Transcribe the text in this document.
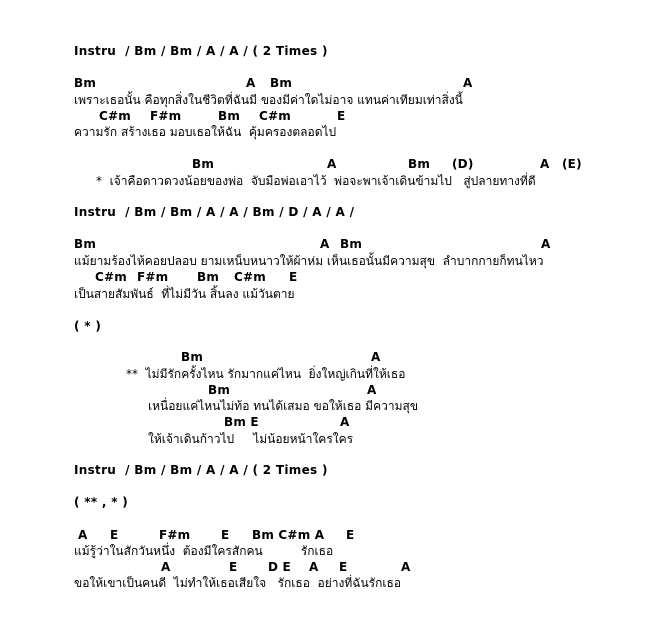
Instru  / Bm / Bm / A / A / ( 2 Times )
Bm	A Bm	A
เพราะเธอนั้น คือทุกสิ่งในชีวิตที่ฉันมี ของมีค่าใดไม่อาจ แทนค่าเทียมเท่าสิ่งนี้
C#m F#m	Bm C#m	E
ความรัก สร้างเธอ มอบเธอให้ฉัน  คุ้มครองตลอดไป
Bm	A	Bm (D)	A (E)
*  เจ้าคือดาวดวงน้อยของพ่อ  จับมือพ่อเอาไว้  พ่อจะพาเจ้าเดินข้ามไป   สู่ปลายทางที่ดี
Instru  / Bm / Bm / A / A / Bm / D / A / A /
Bm	A Bm	A
แม้ยามร้องไห้คอยปลอบ ยามเหน็บหนาวให้ผ้าห่ม เห็นเธอนั้นมีความสุข  ลำบากกายก็ทนไหว
C#m F#m Bm C#m E
เป็นสายสัมพันธ์  ที่ไม่มีวัน สิ้นลง แม้วันตาย
( * )
Bm	A
**  ไม่มีรักครั้งไหน รักมากแค่ไหน  ยิ่งใหญ่เกินที่ให้เธอ
Bm	A
เหนื่อยแค่ไหนไม่ท้อ ทนได้เสมอ ขอให้เธอ มีความสุข
Bm E	A
ให้เจ้าเดินก้าวไป     ไม่น้อยหน้าใครใคร
Instru  / Bm / Bm / A / A / ( 2 Times )
( ** , * )
A E	F#m	E Bm C#m A E
แม้รู้ว่าในสักวันหนึ่ง  ต้องมีใครสักคน          รักเธอ
A	E	D E A E	A
ขอให้เขาเป็นคนดี  ไม่ทำให้เธอเสียใจ   รักเธอ  อย่างที่ฉันรักเธอ
